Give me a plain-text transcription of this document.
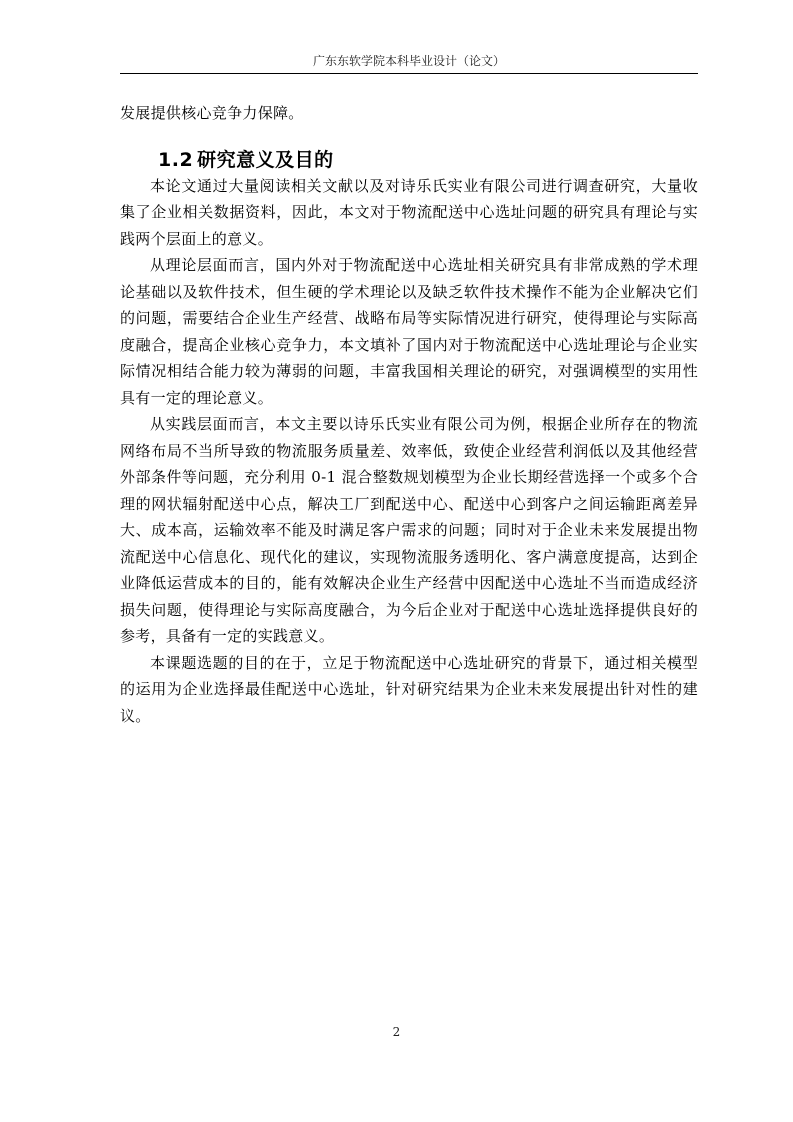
广东东软学院本科毕业设计（论文）

发展提供核心竞争力保障。

1.2 研究意义及目的

本论文通过大量阅读相关文献以及对诗乐氏实业有限公司进行调查研究，大量收集了企业相关数据资料，因此，本文对于物流配送中心选址问题的研究具有理论与实践两个层面上的意义。

从理论层面而言，国内外对于物流配送中心选址相关研究具有非常成熟的学术理论基础以及软件技术，但生硬的学术理论以及缺乏软件技术操作不能为企业解决它们的问题，需要结合企业生产经营、战略布局等实际情况进行研究，使得理论与实际高度融合，提高企业核心竞争力，本文填补了国内对于物流配送中心选址理论与企业实际情况相结合能力较为薄弱的问题，丰富我国相关理论的研究，对强调模型的实用性具有一定的理论意义。

从实践层面而言，本文主要以诗乐氏实业有限公司为例，根据企业所存在的物流网络布局不当所导致的物流服务质量差、效率低，致使企业经营利润低以及其他经营外部条件等问题，充分利用 0-1 混合整数规划模型为企业长期经营选择一个或多个合理的网状辐射配送中心点，解决工厂到配送中心、配送中心到客户之间运输距离差异大、成本高，运输效率不能及时满足客户需求的问题；同时对于企业未来发展提出物流配送中心信息化、现代化的建议，实现物流服务透明化、客户满意度提高，达到企业降低运营成本的目的，能有效解决企业生产经营中因配送中心选址不当而造成经济损失问题，使得理论与实际高度融合，为今后企业对于配送中心选址选择提供良好的参考，具备有一定的实践意义。

本课题选题的目的在于，立足于物流配送中心选址研究的背景下，通过相关模型的运用为企业选择最佳配送中心选址，针对研究结果为企业未来发展提出针对性的建议。

2
